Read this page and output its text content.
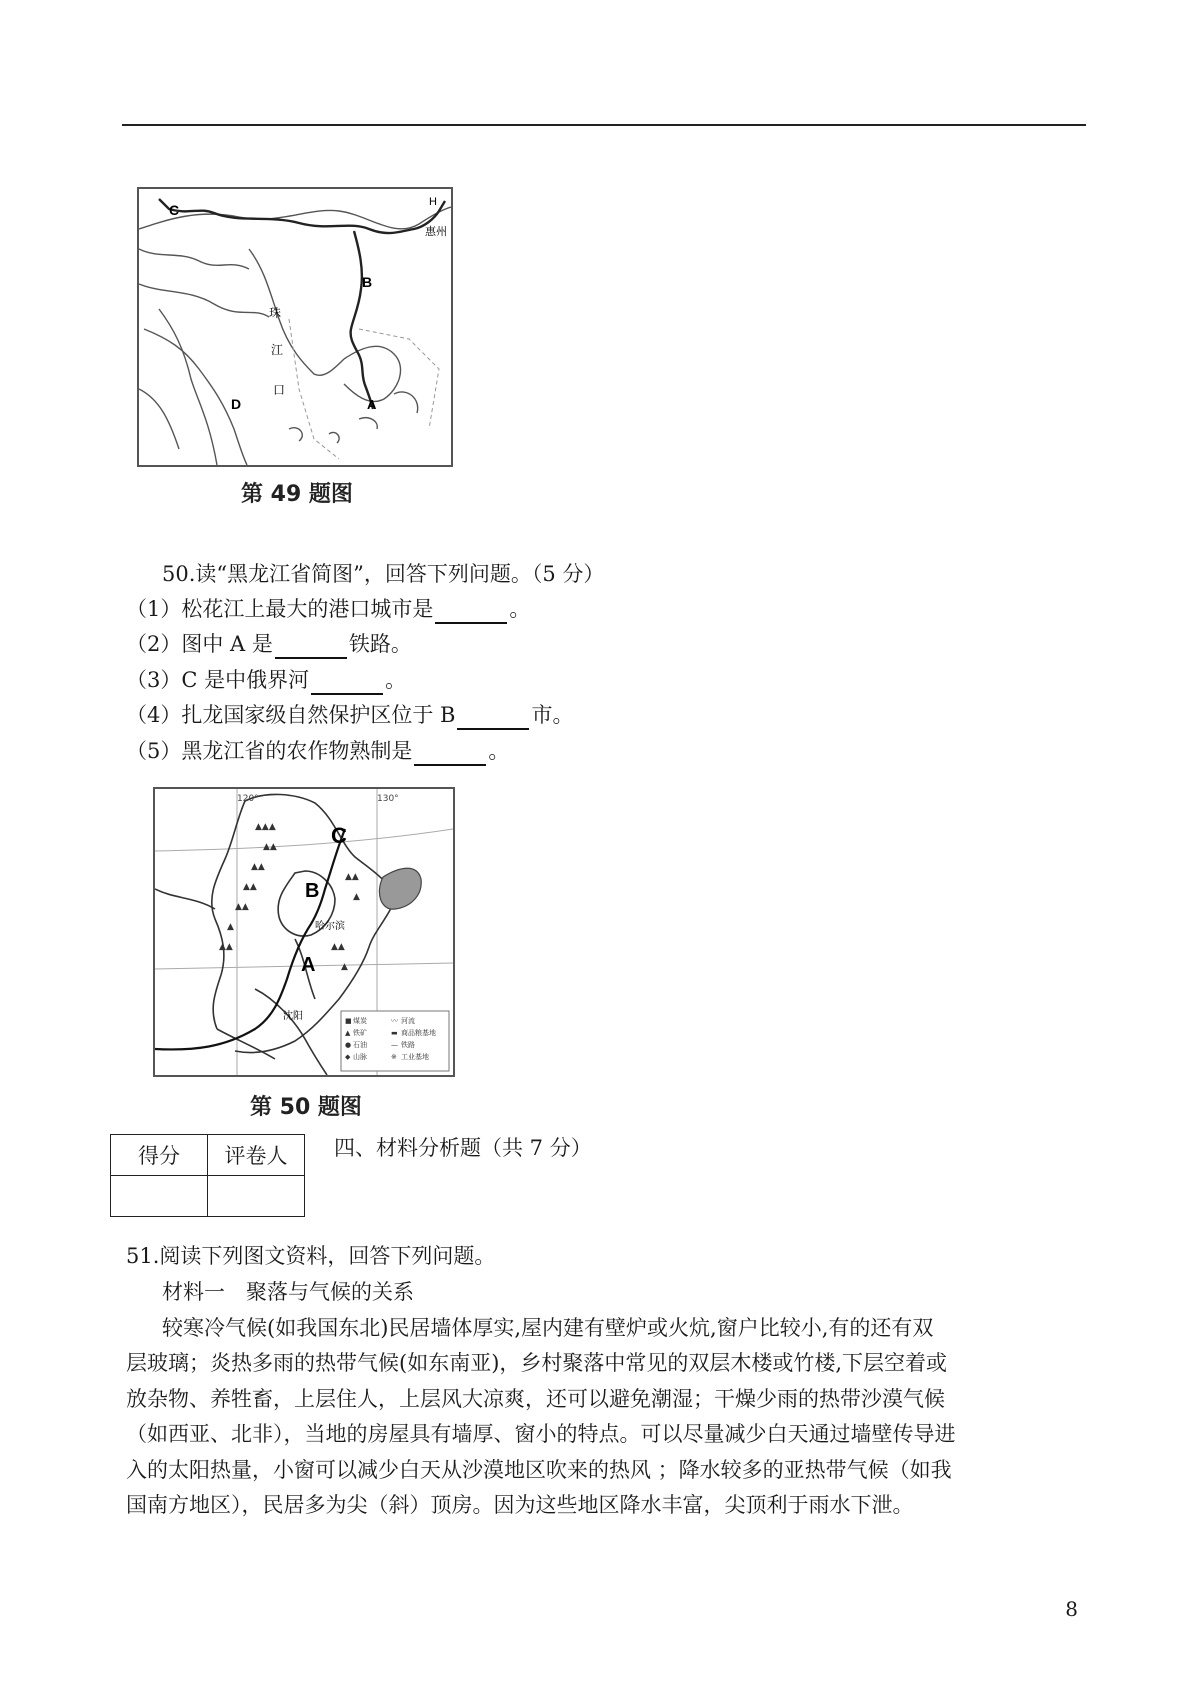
C	H
惠州
B
珠
江
口
A
D
第 49 题图
50.读“黑龙江省简图”，回答下列问题。（5 分）
（1）松花江上最大的港口城市是	。
（2）图中 A 是	铁路。
（3）C 是中俄界河	。
（4）扎龙国家级自然保护区位于 B	市。
（5）黑龙江省的农作物熟制是	。
▲▲▲
▲▲
▲▲
▲▲
▲▲
▲
▲▲
▲▲
▲
▲▲
▲
120°	130°
C
B
哈尔滨
A
沈阳	■ 煤炭
▲ 铁矿
● 石油
◆ 山脉
〰 河流
▬ 商品粮基地
— 铁路
※ 工业基地
第 50 题图
得分	评卷人
	四、材料分析题（共 7 分）
51.阅读下列图文资料，回答下列问题。
材料一　聚落与气候的关系
较寒冷气候(如我国东北)民居墙体厚实,屋内建有壁炉或火炕,窗户比较小,有的还有双
层玻璃；炎热多雨的热带气候(如东南亚)，乡村聚落中常见的双层木楼或竹楼,下层空着或
放杂物、养牲畜，上层住人，上层风大凉爽，还可以避免潮湿；干燥少雨的热带沙漠气候
（如西亚、北非），当地的房屋具有墙厚、窗小的特点。可以尽量减少白天通过墙壁传导进
入的太阳热量，小窗可以减少白天从沙漠地区吹来的热风 ；降水较多的亚热带气候（如我
国南方地区），民居多为尖（斜）顶房。因为这些地区降水丰富，尖顶利于雨水下泄。
8
